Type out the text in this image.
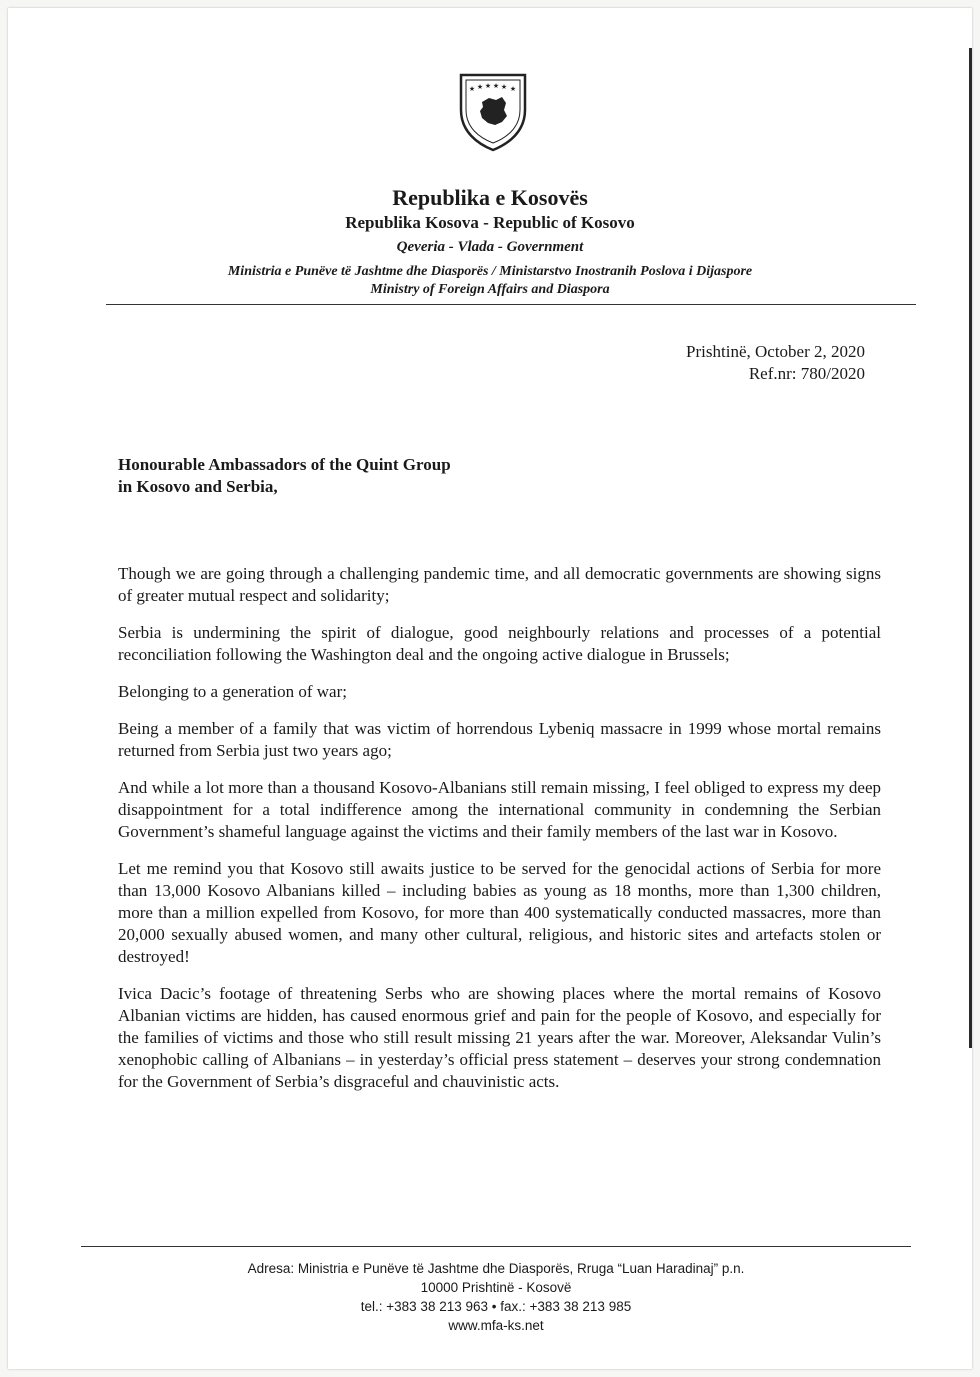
★ ★ ★ ★ ★ ★
Republika e Kosovës
Republika Kosova - Republic of Kosovo
Qeveria - Vlada - Government
Ministria e Punëve të Jashtme dhe Diasporës / Ministarstvo Inostranih Poslova i Dijaspore
Ministry of Foreign Affairs and Diaspora
Prishtinë, October 2, 2020
Ref.nr: 780/2020
Honourable Ambassadors of the Quint Group
in Kosovo and Serbia,

Though we are going through a challenging pandemic time, and all democratic governments are showing signs of greater mutual respect and solidarity;

Serbia is undermining the spirit of dialogue, good neighbourly relations and processes of a potential reconciliation following the Washington deal and the ongoing active dialogue in Brussels;

Belonging to a generation of war;

Being a member of a family that was victim of horrendous Lybeniq massacre in 1999 whose mortal remains returned from Serbia just two years ago;

And while a lot more than a thousand Kosovo-Albanians still remain missing, I feel obliged to express my deep disappointment for a total indifference among the international community in condemning the Serbian Government’s shameful language against the victims and their family members of the last war in Kosovo.

Let me remind you that Kosovo still awaits justice to be served for the genocidal actions of Serbia for more than 13,000 Kosovo Albanians killed – including babies as young as 18 months, more than 1,300 children, more than a million expelled from Kosovo, for more than 400 systematically conducted massacres, more than 20,000 sexually abused women, and many other cultural, religious, and historic sites and artefacts stolen or destroyed!

Ivica Dacic’s footage of threatening Serbs who are showing places where the mortal remains of Kosovo Albanian victims are hidden, has caused enormous grief and pain for the people of Kosovo, and especially for the families of victims and those who still result missing 21 years after the war. Moreover, Aleksandar Vulin’s xenophobic calling of Albanians – in yesterday’s official press statement – deserves your strong condemnation for the Government of Serbia’s disgraceful and chauvinistic acts.

Adresa: Ministria e Punëve të Jashtme dhe Diasporës, Rruga “Luan Haradinaj” p.n.
10000 Prishtinë - Kosovë
tel.: +383 38 213 963 • fax.: +383 38 213 985
www.mfa-ks.net
